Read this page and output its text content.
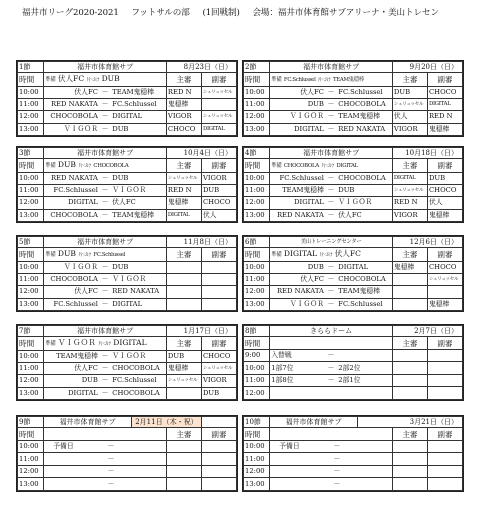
福井市リーグ2020-2021 フットサルの部 (1回戦制) 会場：福井市体育館サブアリーナ・美山トレセン
1節	福井市体育館サブ	8月23日（日）	
時間	準備 伏人FC 片づけ DUB	主審	副審
10:00	伏人FC － TEAM鬼穏棒	RED N	シュリュッセル
11:00	RED NAKATA － FC.Schlussel	鬼穏棒	
12:00	CHOCOBOLA － DIGITAL	VIGOR	シュリュッセル
13:00	ＶＩＧＯＲ － DUB	CHOCO	DIGITAL
2節	福井市体育館サブ	9月20日（日）	
時間	準備 FC.Schlussel 片づけ TEAM鬼穏棒	主審	副審
10:00	伏人FC － FC.Schlussel	DUB	CHOCO
11:00	DUB － CHOCOBOLA	シュリュッセル	DIGITAL
12:00	ＶＩＧＯＲ － TEAM鬼穏棒	伏人	RED N
13:00	DIGITAL － RED NAKATA	VIGOR	鬼穏棒
3節	福井市体育館サブ	10月4日（日）	
時間	準備 DUB 片づけ CHOCOBOLA	主審	副審
10:00	RED NAKATA － DUB	シュリュッセル	VIGOR
11:00	FC.Schlussel － ＶＩＧＯＲ	RED N	DUB
12:00	DIGITAL － 伏人FC	鬼穏棒	CHOCO
13:00	CHOCOBOLA － TEAM鬼穏棒	DIGITAL	伏人
4節	福井市体育館サブ	10月18日（日）	
時間	準備 CHOCOBOLA 片づけ DIGITAL	主審	副審
10:00	FC.Schlussel － CHOCOBOLA	DIGITAL	DUB
11:00	TEAM鬼穏棒 － DUB	シュリュッセル	CHOCO
12:00	DIGITAL － ＶＩＧＯＲ	RED N	伏人
13:00	RED NAKATA － 伏人FC	VIGOR	鬼穏棒
5節	福井市体育館サブ	11月8日（日）	
時間	準備 DUB 片づけ FC.Schlussel	主審	副審
10:00	ＶＩＧＯＲ － DUB		

11:00	CHOCOBOLA － ＶＩＧＯＲ		

12:00	伏人FC － RED NAKATA		

13:00	FC.Schlussel － DIGITAL		

6節	美山トレーニングセンター	12月6日（日）	
時間	準備 DIGITAL 片づけ 伏人FC	主審	副審
10:00	DUB － DIGITAL	鬼穏棒	CHOCO
11:00	伏人FC － CHOCOBOLA		シュリュッセル
12:00	RED NAKATA － TEAM鬼穏棒		

13:00	ＶＩＧＯＲ － FC.Schlussel		鬼穏棒
7節	福井市体育館サブ	1月17日（日）	
時間	準備 ＶＩＧＯＲ 片づけ DIGITAL	主審	副審
10:00	TEAM鬼穏棒 － ＶＩＧＯＲ	DUB	CHOCO
11:00	伏人FC － CHOCOBOLA	鬼穏棒	シュリュッセル
12:00	DUB － FC.Schlussel	シュリュッセル	VIGOR
13:00	DIGITAL － CHOCOBOLA		DUB
8節	きららドーム	2月7日（日）	
時間		主審	副審
9:00	入替戦 －		

10:00	1部7位 － 2部2位		

11:00	1部8位 － 2部1位		

12:00	

9節	福井市体育館サブ	2月11日（木・祝）		
時間			主審	副審
10:00	予備日 －			
11:00	－			
12:00	－			
13:00	－			
10節	福井市体育館サブ	3月21日（日）		
時間			主審	副審
10:00	予備日 －			
11:00	－			
12:00	－			
13:00	－			
